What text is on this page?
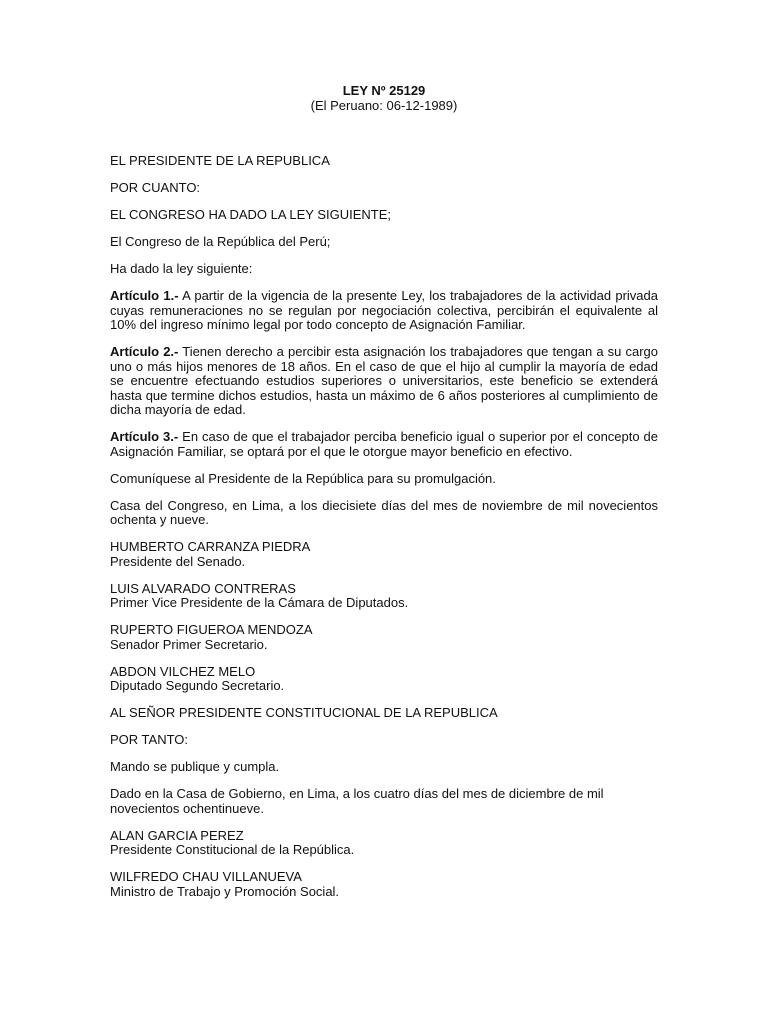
LEY Nº 25129
(El Peruano: 06-12-1989)

EL PRESIDENTE DE LA REPUBLICA

POR CUANTO:

EL CONGRESO HA DADO LA LEY SIGUIENTE;

El Congreso de la República del Perú;

Ha dado la ley siguiente:

Artículo 1.- A partir de la vigencia de la presente Ley, los trabajadores de la actividad privada cuyas remuneraciones no se regulan por negociación colectiva, percibirán el equivalente al 10% del ingreso mínimo legal por todo concepto de Asignación Familiar.

Artículo 2.- Tienen derecho a percibir esta asignación los trabajadores que tengan a su cargo uno o más hijos menores de 18 años. En el caso de que el hijo al cumplir la mayoría de edad se encuentre efectuando estudios superiores o universitarios, este beneficio se extenderá hasta que termine dichos estudios, hasta un máximo de 6 años posteriores al cumplimiento de dicha mayoría de edad.

Artículo 3.- En caso de que el trabajador perciba beneficio igual o superior por el concepto de Asignación Familiar, se optará por el que le otorgue mayor beneficio en efectivo.

Comuníquese al Presidente de la República para su promulgación.

Casa del Congreso, en Lima, a los diecisiete días del mes de noviembre de mil novecientos ochenta y nueve.

HUMBERTO CARRANZA PIEDRA
Presidente del Senado.
LUIS ALVARADO CONTRERAS
Primer Vice Presidente de la Cámara de Diputados.
RUPERTO FIGUEROA MENDOZA
Senador Primer Secretario.
ABDON VILCHEZ MELO
Diputado Segundo Secretario.

AL SEÑOR PRESIDENTE CONSTITUCIONAL DE LA REPUBLICA

POR TANTO:

Mando se publique y cumpla.

Dado en la Casa de Gobierno, en Lima, a los cuatro días del mes de diciembre de mil novecientos ochentinueve.

ALAN GARCIA PEREZ
Presidente Constitucional de la República.
WILFREDO CHAU VILLANUEVA
Ministro de Trabajo y Promoción Social.
